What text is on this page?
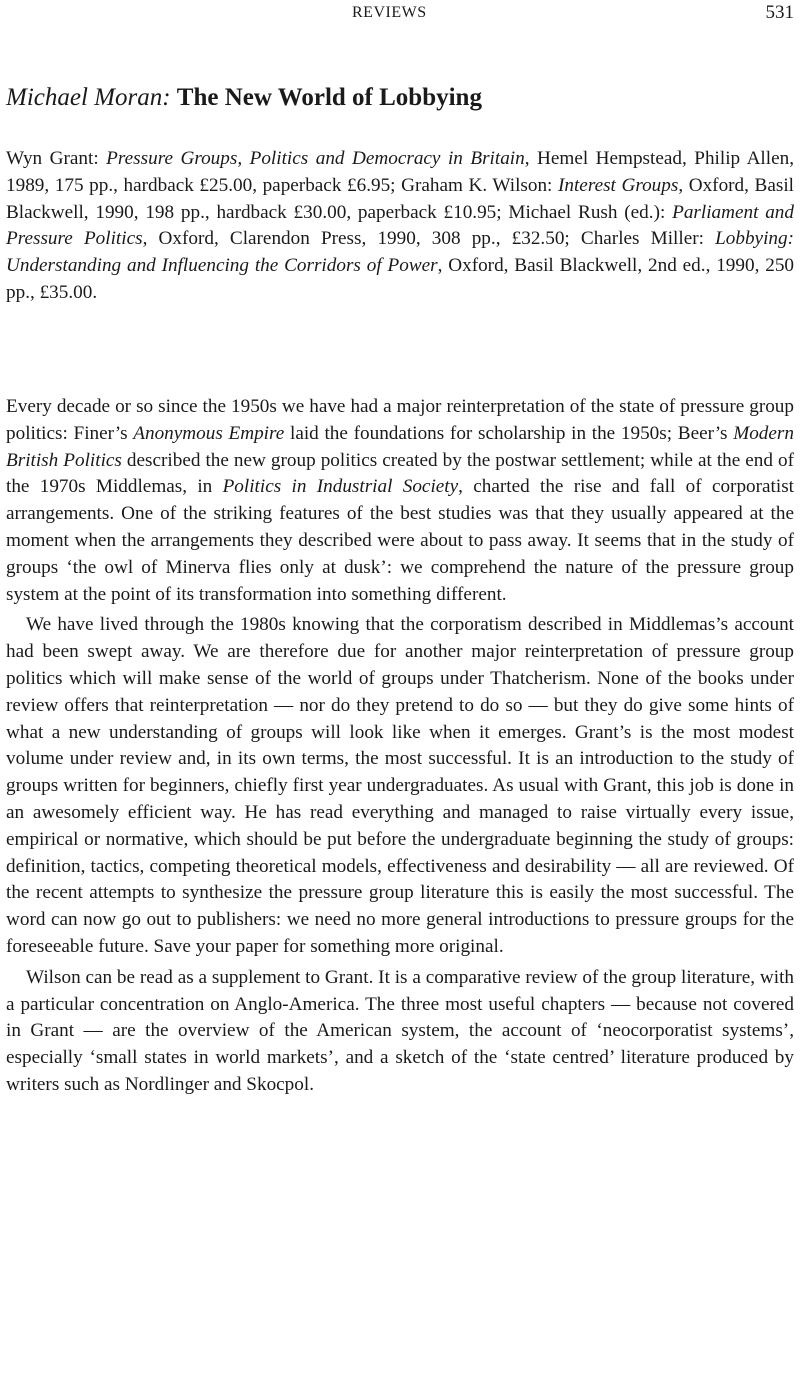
REVIEWS	531
Michael Moran: The New World of Lobbying
Wyn Grant: Pressure Groups, Politics and Democracy in Britain, Hemel Hempstead, Philip Allen, 1989, 175 pp., hardback £25.00, paperback £6.95; Graham K. Wilson: Interest Groups, Oxford, Basil Blackwell, 1990, 198 pp., hardback £30.00, paperback £10.95; Michael Rush (ed.): Parliament and Pressure Politics, Oxford, Clarendon Press, 1990, 308 pp., £32.50; Charles Miller: Lobbying: Understanding and Influencing the Corridors of Power, Oxford, Basil Blackwell, 2nd ed., 1990, 250 pp., £35.00.

Every decade or so since the 1950s we have had a major reinterpretation of the state of pressure group politics: Finer’s Anonymous Empire laid the foundations for scholarship in the 1950s; Beer’s Modern British Politics described the new group politics created by the postwar settlement; while at the end of the 1970s Middlemas, in Politics in Industrial Society, charted the rise and fall of corporatist arrangements. One of the striking features of the best studies was that they usually appeared at the moment when the arrangements they described were about to pass away. It seems that in the study of groups ‘the owl of Minerva flies only at dusk’: we comprehend the nature of the pressure group system at the point of its transformation into something different.

We have lived through the 1980s knowing that the corporatism described in Middlemas’s account had been swept away. We are therefore due for another major reinterpretation of pressure group politics which will make sense of the world of groups under Thatcherism. None of the books under review offers that reinterpretation — nor do they pretend to do so — but they do give some hints of what a new understanding of groups will look like when it emerges. Grant’s is the most modest volume under review and, in its own terms, the most successful. It is an introduction to the study of groups written for beginners, chiefly first year undergraduates. As usual with Grant, this job is done in an awesomely efficient way. He has read everything and managed to raise virtually every issue, empirical or normative, which should be put before the undergraduate beginning the study of groups: definition, tactics, competing theoretical models, effectiveness and desirability — all are reviewed. Of the recent attempts to synthesize the pressure group literature this is easily the most successful. The word can now go out to publishers: we need no more general introductions to pressure groups for the foreseeable future. Save your paper for something more original.

Wilson can be read as a supplement to Grant. It is a comparative review of the group literature, with a particular concentration on Anglo-America. The three most useful chapters — because not covered in Grant — are the overview of the American system, the account of ‘neocorporatist systems’, especially ‘small states in world markets’, and a sketch of the ‘state centred’ literature produced by writers such as Nordlinger and Skocpol.
